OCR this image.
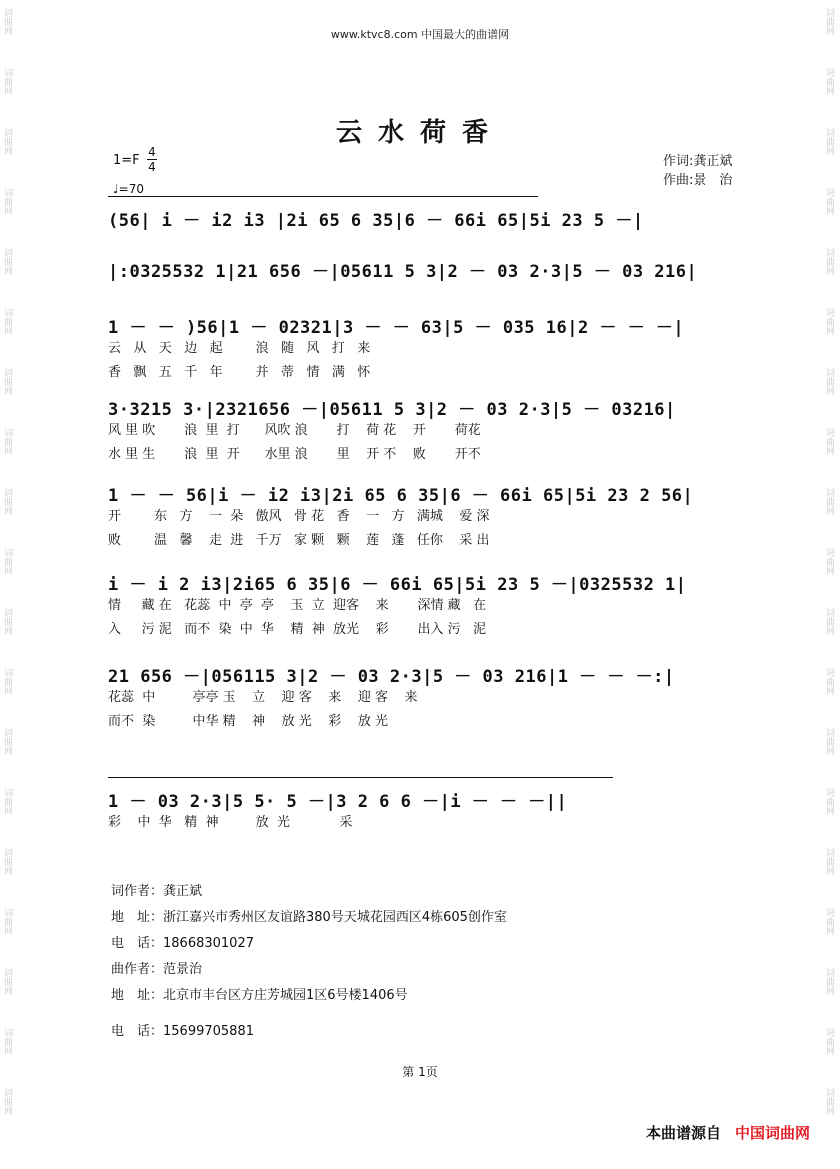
词曲网
词曲网
词曲网
词曲网
词曲网
词曲网
词曲网
词曲网
词曲网
词曲网
词曲网
词曲网
词曲网
词曲网
词曲网
词曲网
词曲网
词曲网
词曲网
词曲网
词曲网
词曲网
词曲网
词曲网
词曲网
词曲网
词曲网
词曲网
词曲网
词曲网
词曲网
词曲网
词曲网
词曲网
词曲网
词曲网
词曲网
词曲网
www.ktvc8.com 中国最大的曲谱网
云水荷香
1=F
4
4
♩=70
作词:龚正斌
作曲:景　治
(56| i － i2 i3 |2i 65 6 35|6 － 66i 65|5i 23 5 －|
|:0325532 1|21 656 －|05611 5 3|2 － 03 2·3|5 － 03 216|
1 － － )56|1 － 02321|3 － － 63|5 － 035 16|2 － － －|
云   从   天   边   起        浪   随   风   打   来
香   飘   五   千   年        并   蒂   情   满   怀
3·3215 3·|2321656 －|05611 5 3|2 － 03 2·3|5 － 03216|
风 里 吹       浪  里  打      风吹 浪       打    荷 花    开       荷花
水 里 生       浪  里  开      水里 浪       里    开 不    败       开不
1 － － 56|i － i2 i3|2i 65 6 35|6 － 66i 65|5i 23 2 56|
开        东   方    一  朵   傲风   骨 花   香    一   方   满城    爱 深
败        温   馨    走  进   千万   家 颗   颗    莲   蓬   任你    采 出
i － i 2 i3|2i65 6 35|6 － 66i 65|5i 23 5 －|0325532 1|
情     藏 在   花蕊  中  亭  亭    玉  立  迎客    来       深情 藏   在
入     污 泥   而不  染  中  华    精  神  放光    彩       出入 污   泥
21 656 －|056115 3|2 － 03 2·3|5 － 03 216|1 － － －:|
花蕊  中         亭亭 玉    立    迎 客    来    迎 客    来
而不  染         中华 精    神    放 光    彩    放 光
1 － 03 2·3|5 5· 5 －|3 2 6 6 －|i － － －||
彩    中  华   精  神         放  光            采
词作者：龚正斌
地　址：浙江嘉兴市秀州区友谊路380号天城花园西区4栋605创作室
电　话：18668301027
曲作者：范景治
地　址：北京市丰台区方庄芳城园1区6号楼1406号
电　话：15699705881
第 1页
本曲谱源自 中国词曲网
